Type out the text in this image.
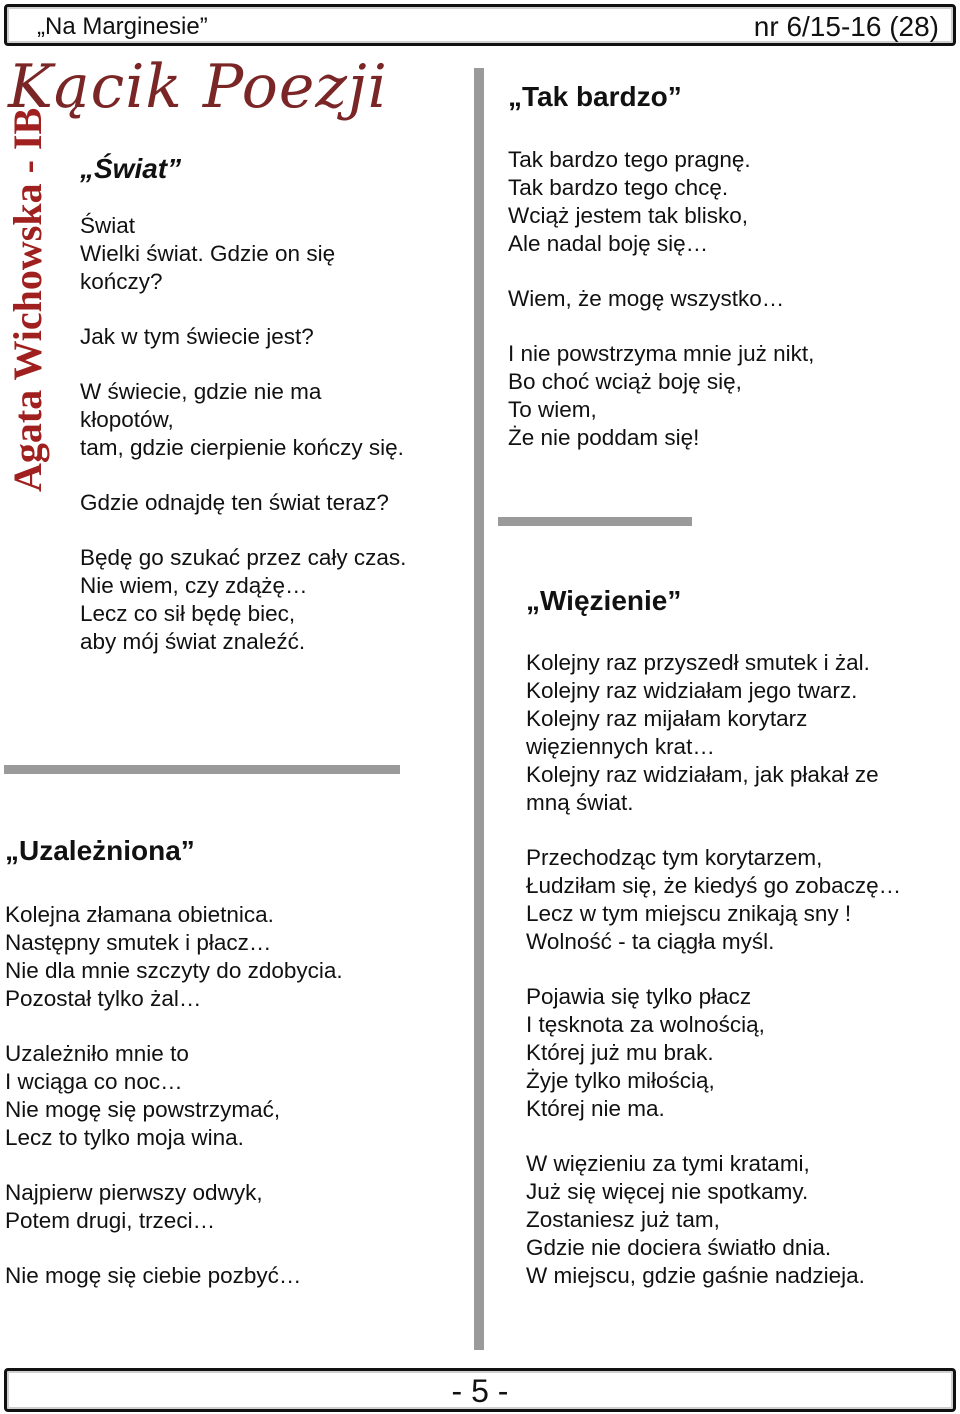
„Na Marginesie”	nr 6/15-16 (28)
Kącik Poezji
Agata Wichowska - IB „Świat”

Świat
Wielki świat. Gdzie on się
kończy?
Jak w tym świecie jest?
W świecie, gdzie nie ma
kłopotów,
tam, gdzie cierpienie kończy się.
Gdzie odnajdę ten świat teraz?
Będę go szukać przez cały czas.
Nie wiem, czy zdążę…
Lecz co sił będę biec,
aby mój świat znaleźć.

„Uzależniona”

Kolejna złamana obietnica.
Następny smutek i płacz…
Nie dla mnie szczyty do zdobycia.
Pozostał tylko żal…
Uzależniło mnie to
I wciąga co noc…
Nie mogę się powstrzymać,
Lecz to tylko moja wina.
Najpierw pierwszy odwyk,
Potem drugi, trzeci…
Nie mogę się ciebie pozbyć…

„Tak bardzo”

Tak bardzo tego pragnę.
Tak bardzo tego chcę.
Wciąż jestem tak blisko,
Ale nadal boję się…
Wiem, że mogę wszystko…
I nie powstrzyma mnie już nikt,
Bo choć wciąż boję się,
To wiem,
Że nie poddam się!

„Więzienie”

Kolejny raz przyszedł smutek i żal.
Kolejny raz widziałam jego twarz.
Kolejny raz mijałam korytarz
więziennych krat…
Kolejny raz widziałam, jak płakał ze
mną świat.
Przechodząc tym korytarzem,
Łudziłam się, że kiedyś go zobaczę…
Lecz w tym miejscu znikają sny !
Wolność - ta ciągła myśl.
Pojawia się tylko płacz
I tęsknota za wolnością,
Której już mu brak.
Żyje tylko miłością,
Której nie ma.
W więzieniu za tymi kratami,
Już się więcej nie spotkamy.
Zostaniesz już tam,
Gdzie nie dociera światło dnia.
W miejscu, gdzie gaśnie nadzieja.
- 5 -
